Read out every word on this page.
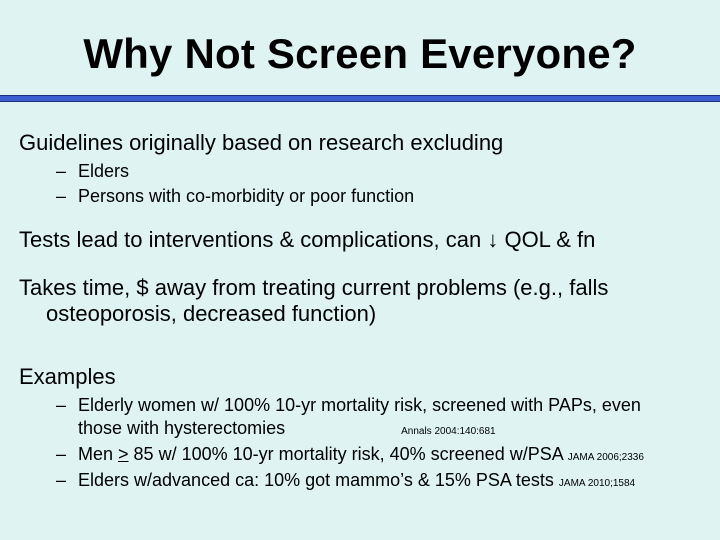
Why Not Screen Everyone?
Guidelines originally based on research excluding
– Elders
– Persons with co-morbidity or poor function
Tests lead to interventions & complications, can ↓ QOL & fn
Takes time, $ away from treating current problems (e.g., falls
osteoporosis, decreased function)
Examples
– Elderly women w/ 100% 10-yr mortality risk, screened with PAPs, even
those with hysterectomies	Annals 2004:140:681
– Men ≥ 85 w/ 100% 10-yr mortality risk, 40% screened w/PSA JAMA 2006;2336
– Elders w/advanced ca: 10% got mammo’s & 15% PSA tests JAMA 2010;1584
